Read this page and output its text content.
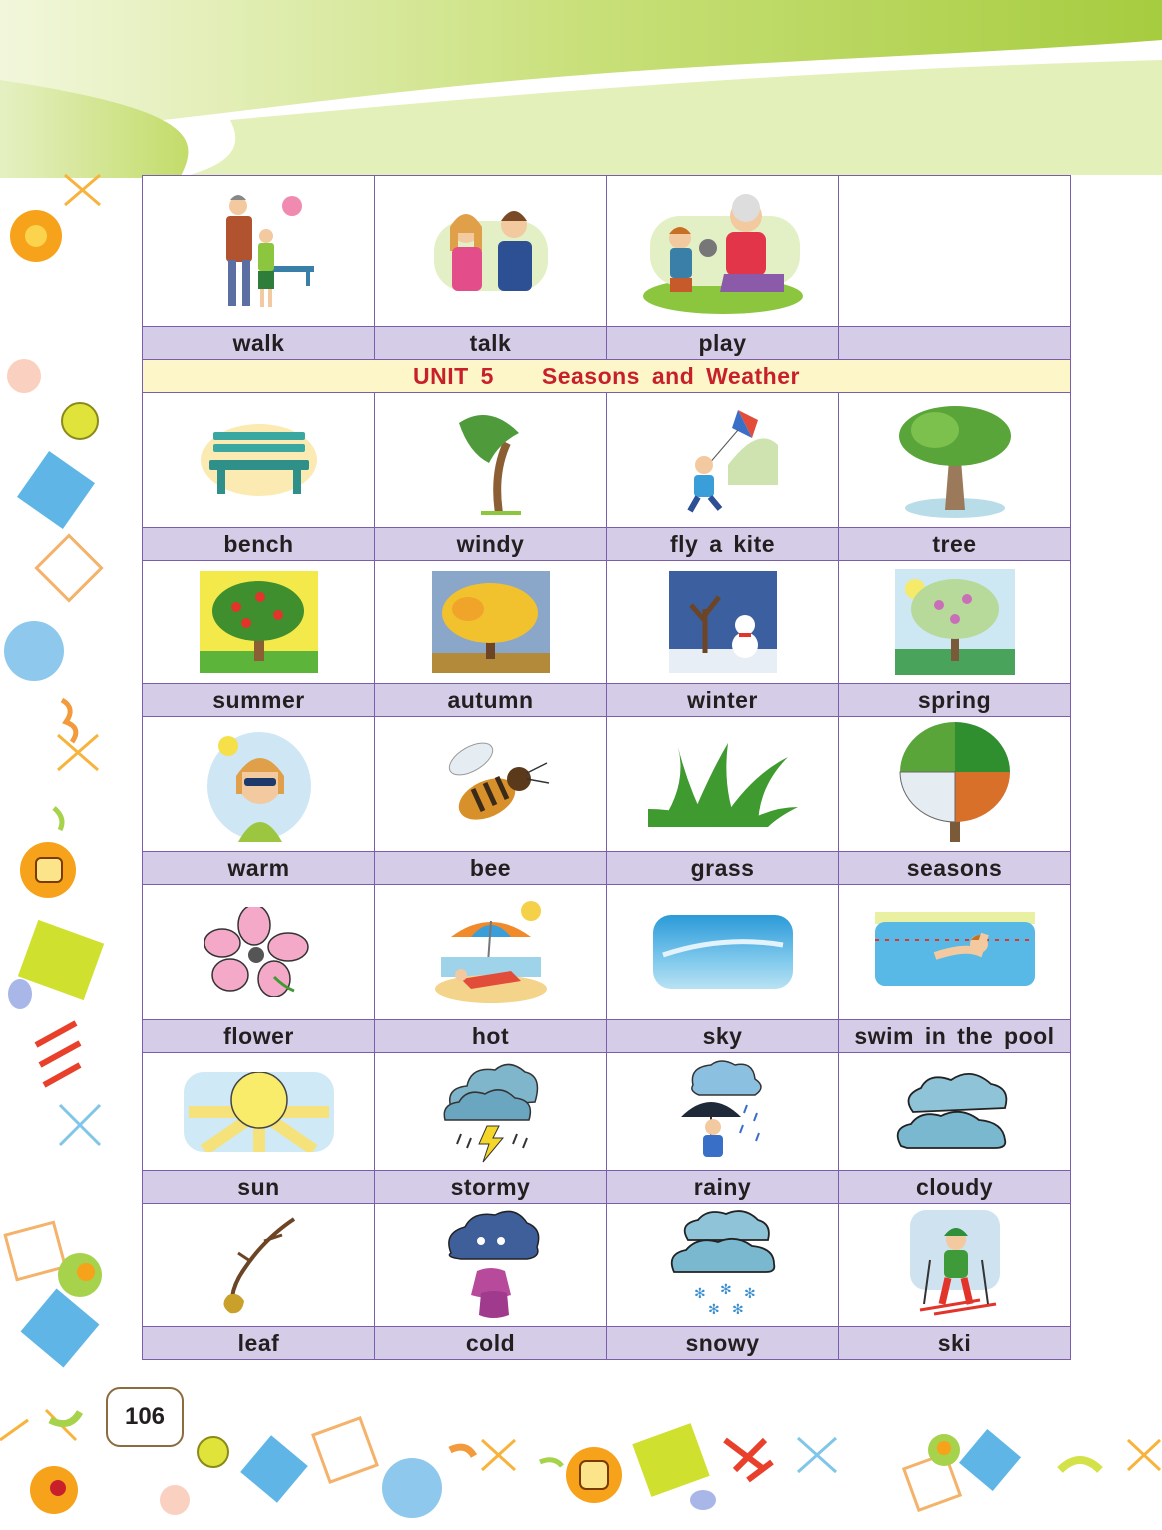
walk	talk	play	
UNIT 5 Seasons and Weather			

bench	windy	fly a kite	tree

summer	autumn	winter	spring

warm	bee	grass	seasons

flower	hot	sky	swim in the pool

sun	stormy	rainy	cloudy

✻ ✻ ✻
✻ ✻

leaf	cold	snowy	ski
106
